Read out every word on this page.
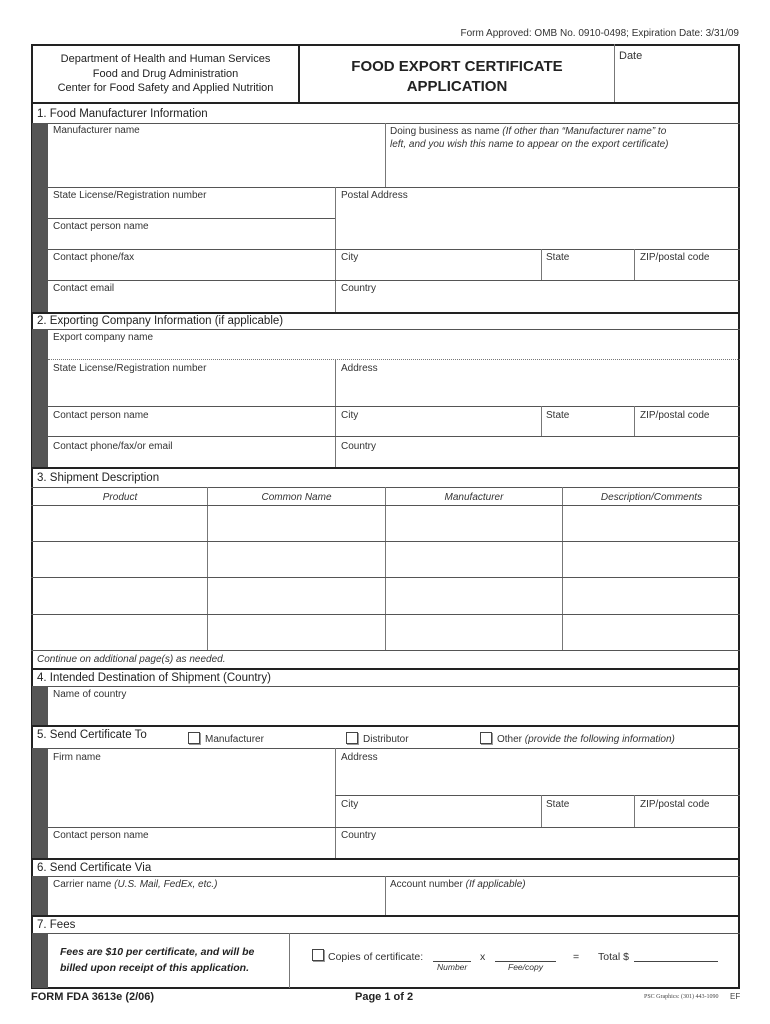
Form Approved: OMB No. 0910-0498; Expiration Date: 3/31/09
Department of Health and Human Services
Food and Drug Administration
Center for Food Safety and Applied Nutrition
FOOD EXPORT CERTIFICATE
APPLICATION
Date
1. Food Manufacturer Information
Manufacturer name	Doing business as name (If other than “Manufacturer name” to
left, and you wish this name to appear on the export certificate)
State License/Registration number	Postal Address
Contact person name
Contact phone/fax	City	State	ZIP/postal code
Contact email	Country
2. Exporting Company Information (if applicable)
Export company name
State License/Registration number	Address
Contact person name	City	State	ZIP/postal code
Contact phone/fax/or email	Country
3. Shipment Description
Product	Common Name	Manufacturer	Description/Comments
Continue on additional page(s) as needed.
4. Intended Destination of Shipment (Country)
Name of country
5. Send Certificate To	Manufacturer	Distributor	Other (provide the following information)
Firm name	Address
City	State	ZIP/postal code
Contact person name	Country
6. Send Certificate Via
Carrier name (U.S. Mail, FedEx, etc.)	Account number (If applicable)
7. Fees
Fees are $10 per certificate, and will be
billed upon receipt of this application.
Copies of certificate:
Number
x
Fee/copy
= Total $
FORM FDA 3613e (2/06)	Page 1 of 2	PSC Graphics: (301) 443-1090 EF
